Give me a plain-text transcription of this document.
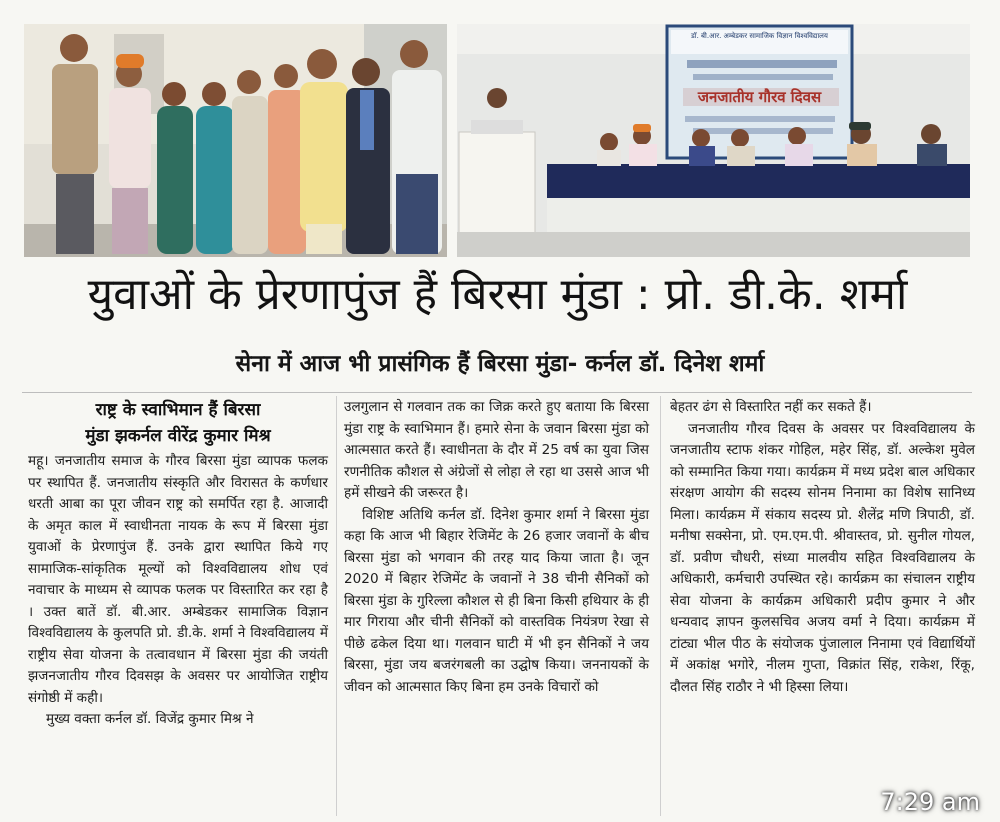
डॉ. बी.आर. अम्बेडकर सामाजिक विज्ञान विश्वविद्यालय
जनजातीय गौरव दिवस
युवाओं के प्रेरणापुंज हैं बिरसा मुंडा : प्रो. डी.के. शर्मा
सेना में आज भी प्रासंगिक हैं बिरसा मुंडा- कर्नल डॉ. दिनेश शर्मा
राष्ट्र के स्वाभिमान हैं बिरसा
मुंडा झकर्नल वीरेंद्र कुमार मिश्र

महू। जनजातीय समाज के गौरव बिरसा मुंडा व्यापक फलक पर स्थापित हैं. जनजातीय संस्कृति और विरासत के कर्णधार धरती आबा का पूरा जीवन राष्ट्र को समर्पित रहा है. आजादी के अमृत काल में स्वाधीनता नायक के रूप में बिरसा मुंडा युवाओं के प्रेरणापुंज हैं. उनके द्वारा स्थापित किये गए सामाजिक-सांकृतिक मूल्यों को विश्वविद्यालय शोध एवं नवाचार के माध्यम से व्यापक फलक पर विस्तारित कर रहा है । उक्त बातें डॉ. बी.आर. अम्बेडकर सामाजिक विज्ञान विश्वविद्यालय के कुलपति प्रो. डी.के. शर्मा ने विश्वविद्यालय में राष्ट्रीय सेवा योजना के तत्वावधान में बिरसा मुंडा की जयंती झजनजातीय गौरव दिवसझ के अवसर पर आयोजित राष्ट्रीय संगोष्ठी में कही।

मुख्य वक्ता कर्नल डॉ. विजेंद्र कुमार मिश्र ने

उलगुलान से गलवान तक का जिक्र करते हुए बताया कि बिरसा मुंडा राष्ट्र के स्वाभिमान हैं। हमारे सेना के जवान बिरसा मुंडा को आत्मसात करते हैं। स्वाधीनता के दौर में 25 वर्ष का युवा जिस रणनीतिक कौशल से अंग्रेजों से लोहा ले रहा था उससे आज भी हमें सीखने की जरूरत है।

विशिष्ट अतिथि कर्नल डॉ. दिनेश कुमार शर्मा ने बिरसा मुंडा कहा कि आज भी बिहार रेजिमेंट के 26 हजार जवानों के बीच बिरसा मुंडा को भगवान की तरह याद किया जाता है। जून 2020 में बिहार रेजिमेंट के जवानों ने 38 चीनी सैनिकों को बिरसा मुंडा के गुरिल्ला कौशल से ही बिना किसी हथियार के ही मार गिराया और चीनी सैनिकों को वास्तविक नियंत्रण रेखा से पीछे ढकेल दिया था। गलवान घाटी में भी इन सैनिकों ने जय बिरसा, मुंडा जय बजरंगबली का उद्घोष किया। जननायकों के जीवन को आत्मसात किए बिना हम उनके विचारों को

बेहतर ढंग से विस्तारित नहीं कर सकते हैं।

जनजातीय गौरव दिवस के अवसर पर विश्वविद्यालय के जनजातीय स्टाफ शंकर गोहिल, महेर सिंह, डॉ. अल्केश मुवेल को सम्मानित किया गया। कार्यक्रम में मध्य प्रदेश बाल अधिकार संरक्षण आयोग की सदस्य सोनम निनामा का विशेष सानिध्य मिला। कार्यक्रम में संकाय सदस्य प्रो. शैलेंद्र मणि त्रिपाठी, डॉ. मनीषा सक्सेना, प्रो. एम.एम.पी. श्रीवास्तव, प्रो. सुनील गोयल, डॉ. प्रवीण चौधरी, संध्या मालवीय सहित विश्वविद्यालय के अधिकारी, कर्मचारी उपस्थित रहे। कार्यक्रम का संचालन राष्ट्रीय सेवा योजना के कार्यक्रम अधिकारी प्रदीप कुमार ने और धन्यवाद ज्ञापन कुलसचिव अजय वर्मा ने दिया। कार्यक्रम में टांट्या भील पीठ के संयोजक पुंजालाल निनामा एवं विद्यार्थियों में अकांक्ष भगोरे, नीलम गुप्ता, विक्रांत सिंह, राकेश, रिंकू, दौलत सिंह राठौर ने भी हिस्सा लिया।

7:29 am
